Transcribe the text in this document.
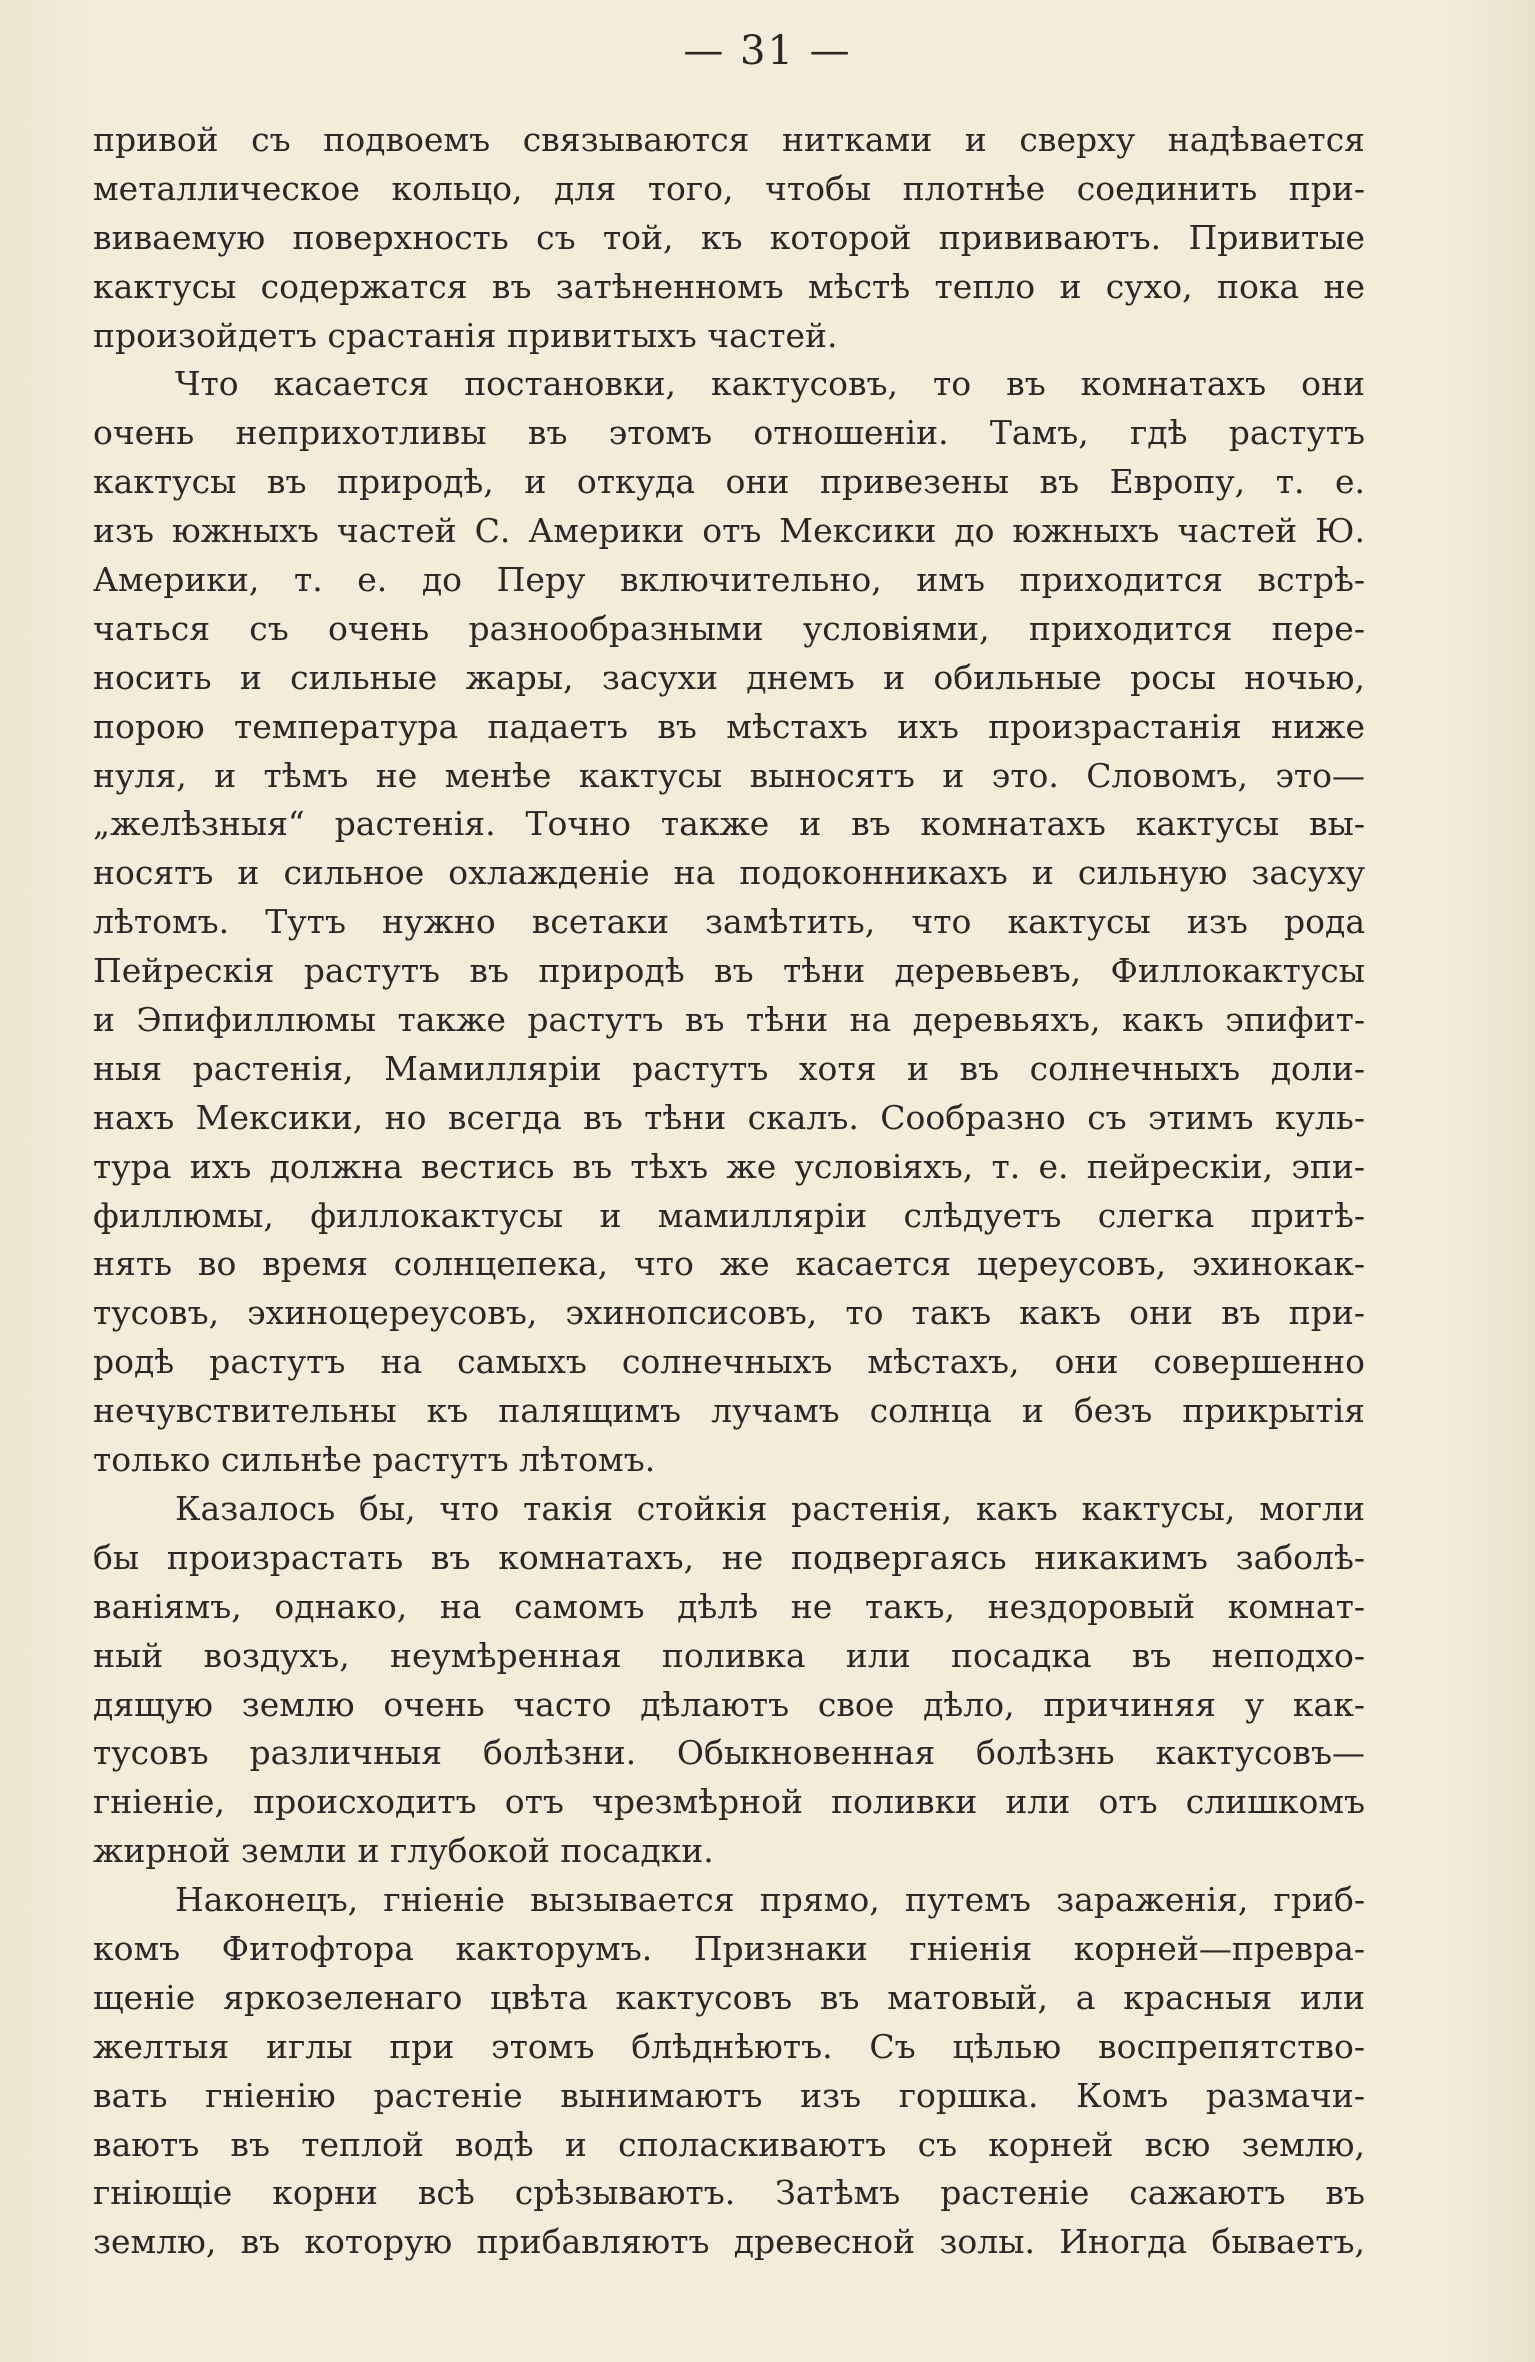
— 31 —
привой съ подвоемъ связываются нитками и сверху надѣвается
металлическое кольцо, для того, чтобы плотнѣе соединить при-
виваемую поверхность съ той, къ которой прививаютъ. Привитые
кактусы содержатся въ затѣненномъ мѣстѣ тепло и сухо, пока не
произойдетъ срастанія привитыхъ частей.
Что касается постановки, кактусовъ, то въ комнатахъ они
очень неприхотливы въ этомъ отношеніи. Тамъ, гдѣ растутъ
кактусы въ природѣ, и откуда они привезены въ Европу, т. е.
изъ южныхъ частей С. Америки отъ Мексики до южныхъ частей Ю.
Америки, т. е. до Перу включительно, имъ приходится встрѣ-
чаться съ очень разнообразными условіями, приходится пере-
носить и сильные жары, засухи днемъ и обильные росы ночью,
порою температура падаетъ въ мѣстахъ ихъ произрастанія ниже
нуля, и тѣмъ не менѣе кактусы выносятъ и это. Словомъ, это—
„желѣзныя“ растенія. Точно также и въ комнатахъ кактусы вы-
носятъ и сильное охлажденіе на подоконникахъ и сильную засуху
лѣтомъ. Тутъ нужно всетаки замѣтить, что кактусы изъ рода
Пейрескія растутъ въ природѣ въ тѣни деревьевъ, Филлокактусы
и Эпифиллюмы также растутъ въ тѣни на деревьяхъ, какъ эпифит-
ныя растенія, Мамилляріи растутъ хотя и въ солнечныхъ доли-
нахъ Мексики, но всегда въ тѣни скалъ. Сообразно съ этимъ куль-
тура ихъ должна вестись въ тѣхъ же условіяхъ, т. е. пейрескіи, эпи-
филлюмы, филлокактусы и мамилляріи слѣдуетъ слегка притѣ-
нять во время солнцепека, что же касается цереусовъ, эхинокак-
тусовъ, эхиноцереусовъ, эхинопсисовъ, то такъ какъ они въ при-
родѣ растутъ на самыхъ солнечныхъ мѣстахъ, они совершенно
нечувствительны къ палящимъ лучамъ солнца и безъ прикрытія
только сильнѣе растутъ лѣтомъ.
Казалось бы, что такія стойкія растенія, какъ кактусы, могли
бы произрастать въ комнатахъ, не подвергаясь никакимъ заболѣ-
ваніямъ, однако, на самомъ дѣлѣ не такъ, нездоровый комнат-
ный воздухъ, неумѣренная поливка или посадка въ неподхо-
дящую землю очень часто дѣлаютъ свое дѣло, причиняя у как-
тусовъ различныя болѣзни. Обыкновенная болѣзнь кактусовъ—
гніеніе, происходитъ отъ чрезмѣрной поливки или отъ слишкомъ
жирной земли и глубокой посадки.
Наконецъ, гніеніе вызывается прямо, путемъ зараженія, гриб-
комъ Фитофтора какторумъ. Признаки гніенія корней—превра-
щеніе яркозеленаго цвѣта кактусовъ въ матовый, а красныя или
желтыя иглы при этомъ блѣднѣютъ. Съ цѣлью воспрепятство-
вать гніенію растеніе вынимаютъ изъ горшка. Комъ размачи-
ваютъ въ теплой водѣ и споласкиваютъ съ корней всю землю,
гніющіе корни всѣ срѣзываютъ. Затѣмъ растеніе сажаютъ въ
землю, въ которую прибавляютъ древесной золы. Иногда бываетъ,
